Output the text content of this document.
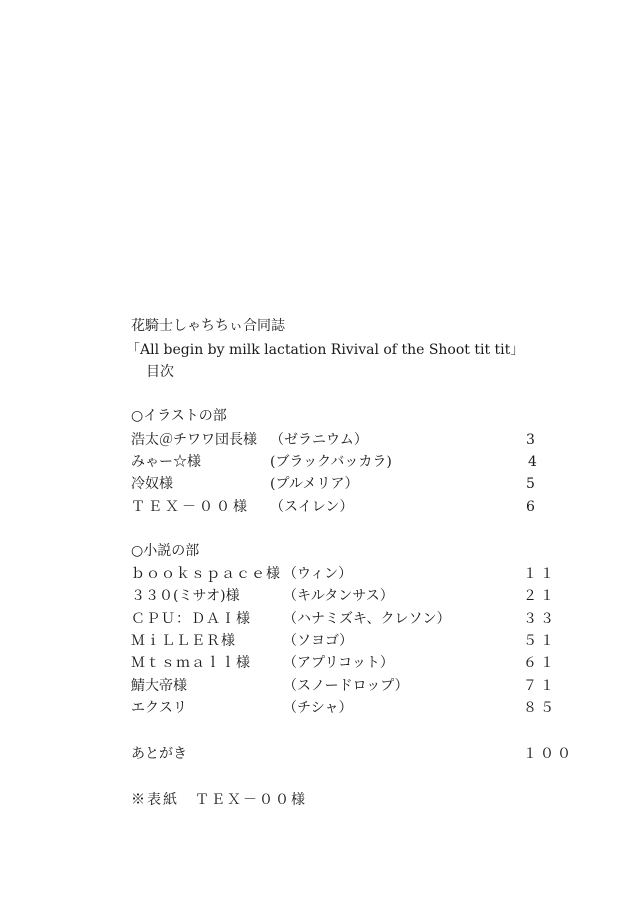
花騎士しゃちちぃ合同誌
「All begin by milk lactation Rivival of the Shoot tit tit」
目次
○イラストの部
浩太＠チワワ団長様 （ゼラニウム）	3
みゃー☆様	(ブラックバッカラ)	4
冷奴様	(プルメリア）	5
ＴＥＸ－００様 （スイレン）	6
○小説の部
ｂｏｏｋｓｐａｃｅ様 （ウィン）	１１
３３０(ミサオ)様	（キルタンサス）	２１
ＣＰＵ：ＤＡＩ様 （ハナミズキ、クレソン）	３３
ＭｉＬＬＥＲ様	（ソヨゴ）	５１
Ｍｔｓｍａｌｌ様 （アプリコット）	６１
鯖大帝様	（スノードロップ）	７１
エクスリ	（チシャ）	８５
あとがき	１００
※表紙　ＴＥＸ－００様
